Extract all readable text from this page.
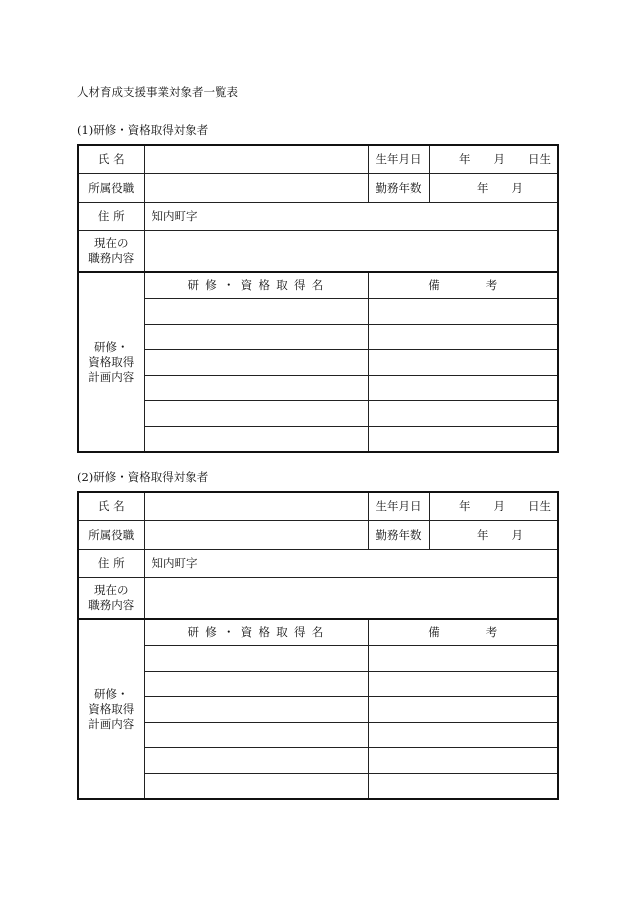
人材育成支援事業対象者一覧表
(1)研修・資格取得対象者
氏 名		生年月日	年　　月　　日生
所属役職		勤務年数	年　　月
住 所	知内町字		

現在の
職務内容			

研修・
資格取得
計画内容	研 修 ・ 資 格 取 得 名	備　　　　考	

(2)研修・資格取得対象者
氏 名		生年月日	年　　月　　日生
所属役職		勤務年数	年　　月
住 所	知内町字		

現在の
職務内容			

研修・
資格取得
計画内容	研 修 ・ 資 格 取 得 名	備　　　　考	
